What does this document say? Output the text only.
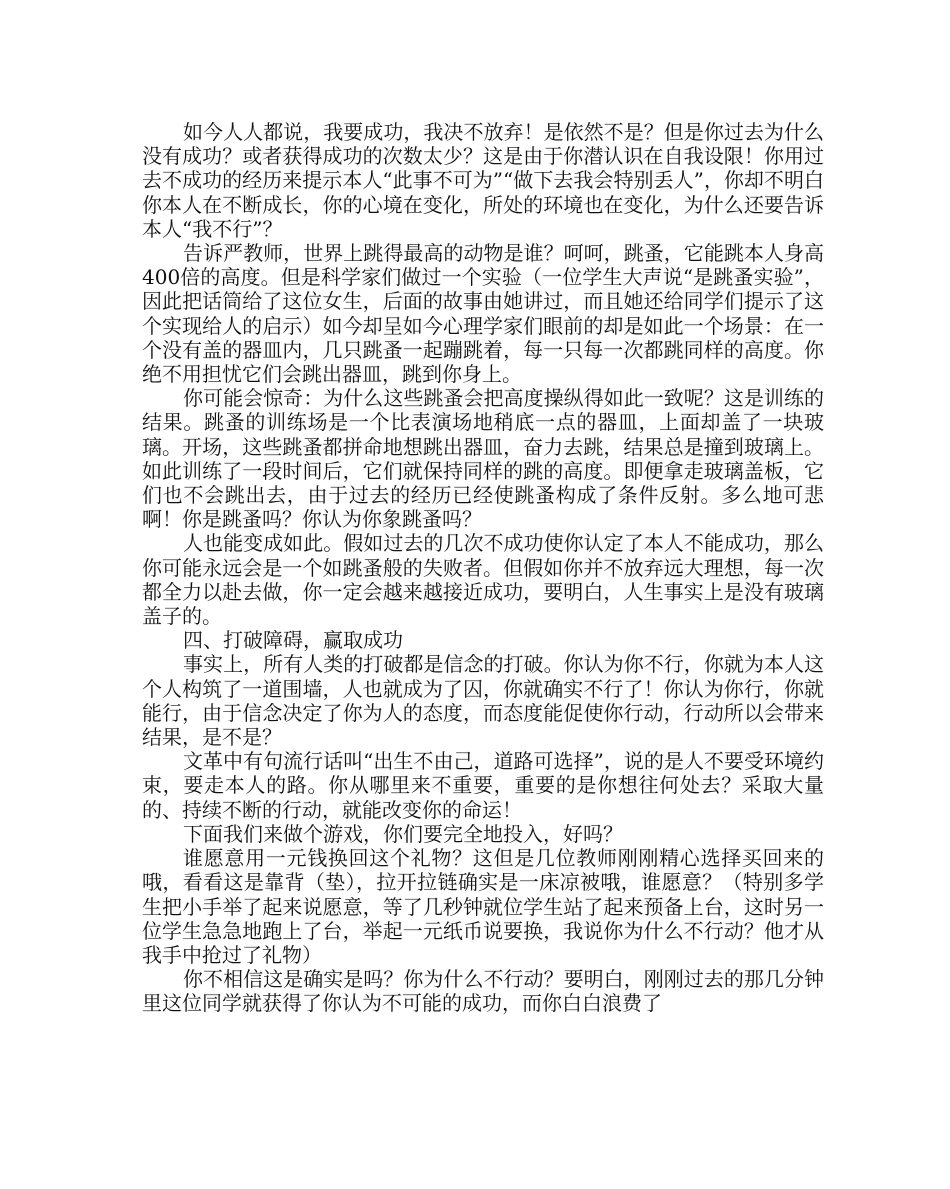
如今人人都说，我要成功，我决不放弃！是依然不是？但是你过去为什么没有成功？或者获得成功的次数太少？这是由于你潜认识在自我设限！你用过去不成功的经历来提示本人“此事不可为”“做下去我会特别丢人”，你却不明白你本人在不断成长，你的心境在变化，所处的环境也在变化，为什么还要告诉本人“我不行”？

告诉严教师，世界上跳得最高的动物是谁？呵呵，跳蚤，它能跳本人身高400倍的高度。但是科学家们做过一个实验（一位学生大声说“是跳蚤实验”，因此把话筒给了这位女生，后面的故事由她讲过，而且她还给同学们提示了这个实现给人的启示）如今却呈如今心理学家们眼前的却是如此一个场景：在一个没有盖的器皿内，几只跳蚤一起蹦跳着，每一只每一次都跳同样的高度。你绝不用担忧它们会跳出器皿，跳到你身上。

你可能会惊奇：为什么这些跳蚤会把高度操纵得如此一致呢？这是训练的结果。跳蚤的训练场是一个比表演场地稍底一点的器皿，上面却盖了一块玻璃。开场，这些跳蚤都拼命地想跳出器皿，奋力去跳，结果总是撞到玻璃上。如此训练了一段时间后，它们就保持同样的跳的高度。即便拿走玻璃盖板，它们也不会跳出去，由于过去的经历已经使跳蚤构成了条件反射。多么地可悲啊！你是跳蚤吗？你认为你象跳蚤吗？

人也能变成如此。假如过去的几次不成功使你认定了本人不能成功，那么你可能永远会是一个如跳蚤般的失败者。但假如你并不放弃远大理想，每一次都全力以赴去做，你一定会越来越接近成功，要明白，人生事实上是没有玻璃盖子的。

四、打破障碍，赢取成功

事实上，所有人类的打破都是信念的打破。你认为你不行，你就为本人这个人构筑了一道围墙，人也就成为了囚，你就确实不行了！你认为你行，你就能行，由于信念决定了你为人的态度，而态度能促使你行动，行动所以会带来结果，是不是？

文革中有句流行话叫“出生不由己，道路可选择”，说的是人不要受环境约束，要走本人的路。你从哪里来不重要，重要的是你想往何处去？采取大量的、持续不断的行动，就能改变你的命运！

下面我们来做个游戏，你们要完全地投入，好吗？

谁愿意用一元钱换回这个礼物？这但是几位教师刚刚精心选择买回来的哦，看看这是靠背（垫），拉开拉链确实是一床凉被哦，谁愿意？（特别多学生把小手举了起来说愿意，等了几秒钟就位学生站了起来预备上台，这时另一位学生急急地跑上了台，举起一元纸币说要换，我说你为什么不行动？他才从我手中抢过了礼物）

你不相信这是确实是吗？你为什么不行动？要明白，刚刚过去的那几分钟里这位同学就获得了你认为不可能的成功，而你白白浪费了
